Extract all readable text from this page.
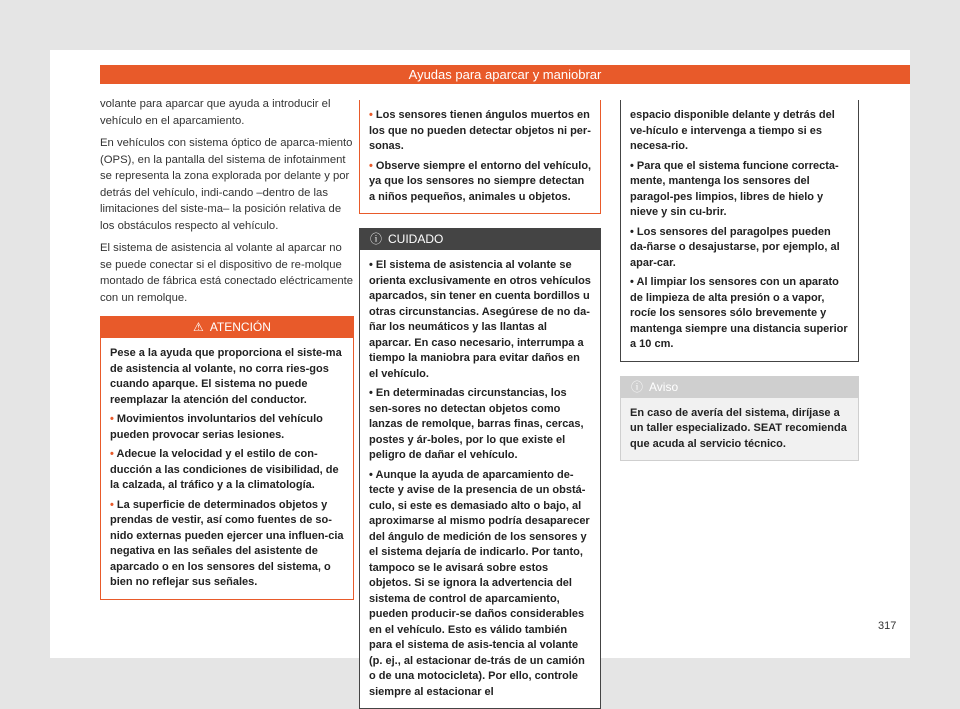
Ayudas para aparcar y maniobrar

volante para aparcar que ayuda a introducir el vehículo en el aparcamiento.

En vehículos con sistema óptico de aparca-miento (OPS), en la pantalla del sistema de infotainment se representa la zona explorada por delante y por detrás del vehículo, indi-cando –dentro de las limitaciones del siste-ma– la posición relativa de los obstáculos respecto al vehículo.

El sistema de asistencia al volante al aparcar no se puede conectar si el dispositivo de re-molque montado de fábrica está conectado eléctricamente con un remolque.

⚠ ATENCIÓN

Pese a la ayuda que proporciona el siste-ma de asistencia al volante, no corra ries-gos cuando aparque. El sistema no puede reemplazar la atención del conductor.

• Movimientos involuntarios del vehículo pueden provocar serias lesiones.

• Adecue la velocidad y el estilo de con-ducción a las condiciones de visibilidad, de la calzada, al tráfico y a la climatología.

• La superficie de determinados objetos y prendas de vestir, así como fuentes de so-nido externas pueden ejercer una influen-cia negativa en las señales del asistente de aparcado o en los sensores del sistema, o bien no reflejar sus señales.

• Los sensores tienen ángulos muertos en los que no pueden detectar objetos ni per-sonas.

• Observe siempre el entorno del vehículo, ya que los sensores no siempre detectan a niños pequeños, animales u objetos.

ⓘ CUIDADO

• El sistema de asistencia al volante se orienta exclusivamente en otros vehículos aparcados, sin tener en cuenta bordillos u otras circunstancias. Asegúrese de no da-ñar los neumáticos y las llantas al aparcar. En caso necesario, interrumpa a tiempo la maniobra para evitar daños en el vehículo.

• En determinadas circunstancias, los sen-sores no detectan objetos como lanzas de remolque, barras finas, cercas, postes y ár-boles, por lo que existe el peligro de dañar el vehículo.

• Aunque la ayuda de aparcamiento de-tecte y avise de la presencia de un obstá-culo, si este es demasiado alto o bajo, al aproximarse al mismo podría desaparecer del ángulo de medición de los sensores y el sistema dejaría de indicarlo. Por tanto, tampoco se le avisará sobre estos objetos. Si se ignora la advertencia del sistema de control de aparcamiento, pueden producir-se daños considerables en el vehículo. Esto es válido también para el sistema de asis-tencia al volante (p. ej., al estacionar de-trás de un camión o de una motocicleta). Por ello, controle siempre al estacionar el

espacio disponible delante y detrás del ve-hículo e intervenga a tiempo si es necesa-rio.

• Para que el sistema funcione correcta-mente, mantenga los sensores del paragol-pes limpios, libres de hielo y nieve y sin cu-brir.

• Los sensores del paragolpes pueden da-ñarse o desajustarse, por ejemplo, al apar-car.

• Al limpiar los sensores con un aparato de limpieza de alta presión o a vapor, rocíe los sensores sólo brevemente y mantenga siempre una distancia superior a 10 cm.

ⓘ Aviso

En caso de avería del sistema, diríjase a un taller especializado. SEAT recomienda que acuda al servicio técnico.

317
